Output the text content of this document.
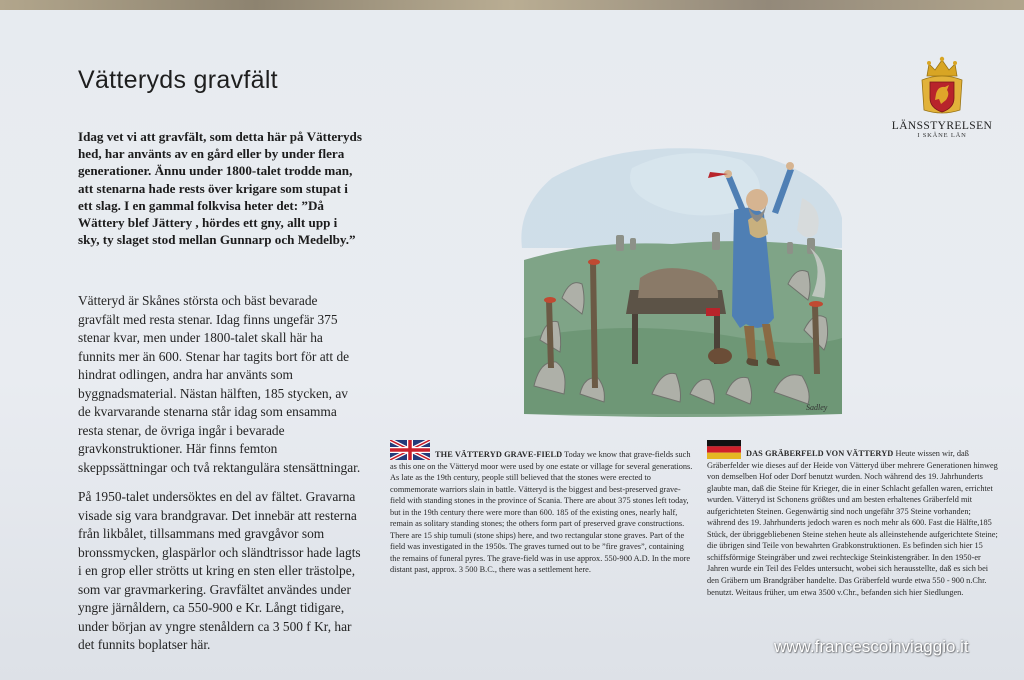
Vätteryds gravfält
Idag vet vi att gravfält, som detta här på Vätteryds hed, har använts av en gård eller by under flera generationer. Ännu under 1800-talet trodde man, att stenarna hade rests över krigare som stupat i ett slag. I en gammal folkvisa heter det: ”Då Wättery blef Jättery , hördes ett gny, allt upp i sky, ty slaget stod mellan Gunnarp och Medelby.”
Vätteryd är Skånes största och bäst bevarade gravfält med resta stenar. Idag finns ungefär 375 stenar kvar, men under 1800-talet skall här ha funnits mer än 600. Stenar har tagits bort för att de hindrat odlingen, andra har använts som byggnadsmaterial. Nästan hälften, 185 stycken, av de kvarvarande stenarna står idag som ensamma resta stenar, de övriga ingår i bevarade gravkonstruktioner. Här finns femton skeppssättningar och två rektangulära stensättningar.
På 1950-talet undersöktes en del av fältet. Gravarna visade sig vara brandgravar. Det innebär att resterna från likbålet, tillsammans med gravgåvor som bronssmycken, glaspärlor och sländtrissor hade lagts i en grop eller strötts ut kring en sten eller trästolpe, som var gravmarkering. Gravfältet användes under yngre järnåldern, ca 550-900 e Kr. Långt tidigare, under början av yngre stenåldern ca 3 500 f Kr, har det funnits boplatser här.
LÄNSSTYRELSEN
I SKÅNE LÄN
Sadley
THE VÄTTERYD GRAVE-FIELD Today we know that grave-fields such as this one on the Vätteryd moor were used by one estate or village for several generations. As late as the 19th century, people still believed that the stones were erected to commemorate warriors slain in battle. Vätteryd is the biggest and best-preserved grave-field with standing stones in the province of Scania. There are about 375 stones left today, but in the 19th century there were more than 600. 185 of the existing ones, nearly half, remain as solitary standing stones; the others form part of preserved grave constructions. There are 15 ship tumuli (stone ships) here, and two rectangular stone graves. Part of the field was investigated in the 1950s. The graves turned out to be ”fire graves”, containing the remains of funeral pyres. The grave-field was in use approx. 550-900 A.D. In the more distant past, approx. 3 500 B.C., there was a settlement here.
DAS GRÄBERFELD VON VÄTTERYD Heute wissen wir, daß Gräberfelder wie dieses auf der Heide von Vätteryd über mehrere Generationen hinweg von demselben Hof oder Dorf benutzt wurden. Noch während des 19. Jahrhunderts glaubte man, daß die Steine für Krieger, die in einer Schlacht gefallen waren, errichtet wurden. Vätteryd ist Schonens größtes und am besten erhaltenes Gräberfeld mit aufgerichteten Steinen. Gegenwärtig sind noch ungefähr 375 Steine vorhanden; während des 19. Jahrhunderts jedoch waren es noch mehr als 600. Fast die Hälfte,185 Stück, der übriggebliebenen Steine stehen heute als alleinstehende aufgerichtete Steine; die übrigen sind Teile von bewahrten Grabkonstruktionen. Es befinden sich hier 15 schiffsförmige Steingräber und zwei rechteckige Steinkistengräber. In den 1950-er Jahren wurde ein Teil des Feldes untersucht, wobei sich herausstellte, daß es sich bei den Gräbern um Brandgräber handelte. Das Gräberfeld wurde etwa 550 - 900 n.Chr. benutzt. Weitaus früher, um etwa 3500 v.Chr., befanden sich hier Siedlungen.
www.francescoinviaggio.it
